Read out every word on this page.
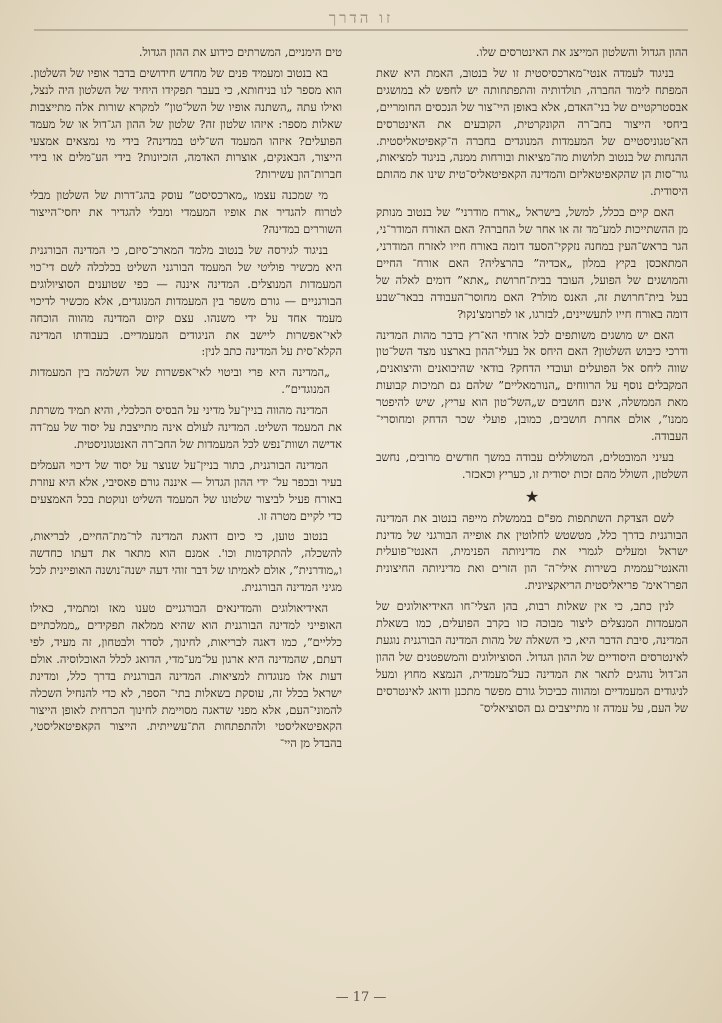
זו הדרך

ההון הגדול והשלטון המייצג את האינטרסים שלו.

בניגוד לעמדה אנטי־מארכסיסטית זו של בנטוב, האמת היא שאת המפתח לימוד החברה, תולדותיה והתפתחותה יש לחפש לא במושגים אבסטרקטיים של בני־האדם, אלא באופן היי־צור של הנכסים החומריים, ביחסי הייצור בחב־רה הקונקרטית, הקובעים את האינטרסים הא־טגוניסטיים של המעמדות המנוגדים בחברה ה־קאפיטאליסטית. ההנחות של בנטוב תלושות מה־מציאות ובורחות ממנה, בניגוד למציאות, גור־סות הן שהקאפיטאליזם והמדינה הקאפיטאליס־טית שינו את מהותם היסודית.

האם קיים בכלל, למשל, בישראל „אורח מודרני” של בנטוב מנותק מן ההשתייכות למע־מד זה או אחר של החברה? האם האורח המודר־ני, הגר בראש־העין במחנה נזקקי־הסעד דומה באורח חייו לאזרח המודרני, המתאכסן בקיץ במלון „אכדיה” בהרצליה? האם אורח־ החיים והמושגים של הפועל, העובד בבית־חרושת „אתא” דומים לאלה של בעל בית־חרושת זה, האנס מולר? האם מחוסר־העבודה בבאר־שבע דומה באורח חייו לתעשיינים, לבזרגו, או לפרומצ'נקו?

האם יש מושגים משותפים לכל אזרחי הא־רץ בדבר מהות המדינה ודרכי כיבוש השלטון? האם היחס אל בעלי־ההון בארצנו מצד השל־טון שווה ליחס אל הפועלים ועובדי הדחק? בודאי שהיבואנים והיצואנים, המקבלים נוסף על הרווחים „הנורמאליים” שלהם גם תמיכות קבועות מאת הממשלה, אינם חושבים ש„השל־טון הוא עריץ, שיש להיפטר ממנו”, אולם אחרת חושבים, כמובן, פועלי שכר הדחק ומחוסרי־ העבודה.

בעיני המובטלים, המשוללים עבודה במשך חודשים מרובים, נחשב השלטון, השולל מהם זכות יסודית זו, כעריץ וכאכזר.

★

לשם הצדקת השתתפות מפ"ם בממשלת מייפה בנטוב את המדינה הבורגנית בדרך כלל, מטשטש לחלוטין את אופייה הבורגני של מדינת ישראל ומעלים לגמרי את מדיניותה הפנימית, האנטי־פועלית והאנטי־עממית בשירות אילי־ה־ הון הזרים ואת מדיניותה החיצונית הפרו־אימ־ פריאליסטית הריאקציונית.

לנין כתב, כי אין שאלות רבות, בהן הצלי־חו האידיאולוגים של המעמדות המנצלים ליצור מבוכה כזו בקרב הפועלים, כמו בשאלת המדינה, סיבת הדבר היא, כי השאלה של מהות המדינה הבורגנית נוגעת לאינטרסים היסודיים של ההון הגדול. הסוציולוגים והמשפטנים של ההון הג־דול נוהגים לתאר את המדינה כעל־מעמדית, הנמצא מחוץ ומעל לניגודים המעמדיים ומהווה כביכול גורם מפשר מתכנן ודואג לאינטרסים של העם, על עמדה זו מתייצבים גם הסוציאליס־

טים הימניים, המשרתים כידוע את ההון הגדול.

בא בנטוב ומעמיד פנים של מחדש חידושים בדבר אופיו של השלטון. הוא מספר לנו בניחותא, כי בעבר תפקידו היחיד של השלטון היה לנצל, ואילו עתה „השתנה אופיו של השל־טון” למקרא שורות אלה מתייצבות שאלות מספר: איזהו שלטון זה? שלטון של ההון הג־דול או של מעמד הפועלים? איזהו המעמד הש־ליט במדינה? בידי מי נמצאים אמצעי הייצור, הבאנקים, אוצרות האדמה, הזכיונות? בידי הע־מלים או בידי חברות־הון עשירות?

מי שמכנה עצמו „מארכסיסט” עוסק בהג־דרות של השלטון מבלי לטרוח להגדיר את אופיו המעמדי ומבלי להגדיר את יחסי־הייצור השוררים במדינה?

בניגוד לגירסה של בנטוב מלמד המארכ־סיזם, כי המדינה הבורגנית היא מכשיר פוליטי של המעמד הבורגני השליט בכלכלה לשם די־כוי המעמדות המנוצלים. המדינה איננה — כפי שטוענים הסוציולוגים הבורגניים — גורם משפר בין המעמדות המנוגדים, אלא מכשיר לדיכוי מעמד אחד על ידי משנהו. עצם קיום המדינה מהווה הוכחה לאי־אפשרות ליישב את הניגודים המעמדיים. בעבודתו המדינה הקלא־סית על המדינה כתב לנין:

„המדינה היא פרי וביטוי לאי־אפשרות של השלמה בין המעמדות המנוגדים”.

המדינה מהווה בניין־על מדיני על הבסיס הכלכלי, והיא תמיד משרתת את המעמד השליט. המדינה לעולם אינה מתייצבת על יסוד של עמ־דה אדישה ושוות־נפש לכל המעמדות של החב־רה האנטגוניסטית.

המדינה הבורגנית, בתור בניין־על שנוצר על יסוד של דיכוי העמלים בעיר ובכפר על־ ידי ההון הגדול — איננה גורם פאסיבי, אלא היא עוזרת באורח פעיל לביצור שלטונו של המעמד השליט ונוקטת בכל האמצעים כדי לקיים מטרה זו.

בנטוב טוען, כי כיום דואגת המדינה לר־מת־החיים, לבריאות, להשכלה, להתקדמות וכו'. אמנם הוא מתאר את דעתו כחדשה ו„מודרנית”, אולם לאמיתו של דבר זוהי דעה ישנה־נושנה האופיינית לכל מגיני המדינה הבורגנית.

האידיאולוגים והמדינאים הבורגניים טענו מאז ומתמיד, כאילו האופייני למדינה הבורגנית הוא שהיא ממלאה תפקידים „ממלכתיים כלליים”, כמו דאגה לבריאות, לחינוך, לסדר ולבטחון, זה מעיד, לפי דעתם, שהמדינה היא ארגון על־מע־מדי, הדואג לכלל האוכלוסיה. אולם דעות אלו מנוגדות למציאות. המדינה הבורגנית בדרך כלל, ומדינת ישראל בכלל זה, עוסקת בשאלות בתי־ הספר, לא כדי להנחיל השכלה להמוני־העם, אלא מפני שדאגה מסויימת לחינוך הכרחית לאופן הייצור הקאפיטאליסטי ולהתפתחות הת־עשייתית. הייצור הקאפיטאליסטי, בהבדל מן היי־

— 17 —
